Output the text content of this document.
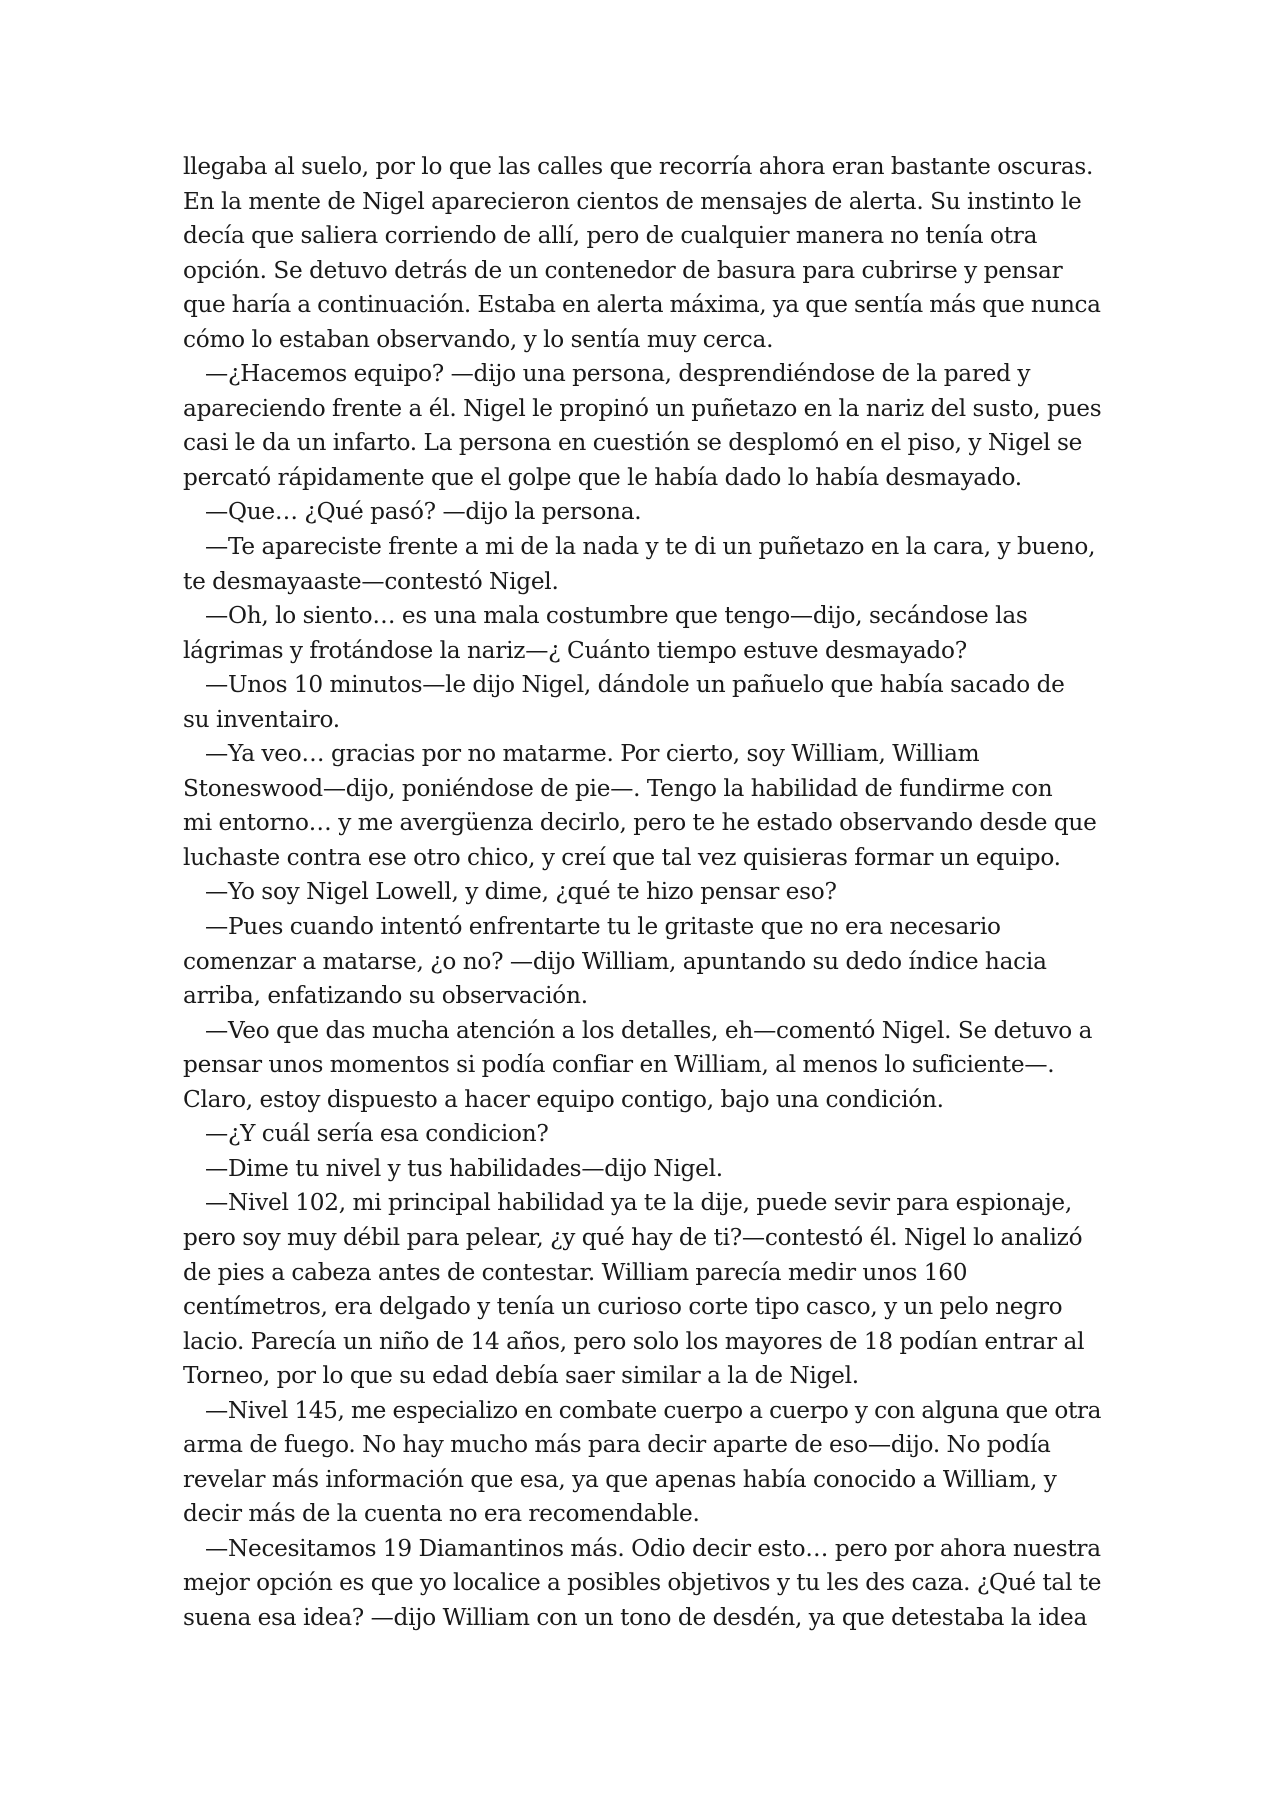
llegaba al suelo, por lo que las calles que recorría ahora eran bastante oscuras.
En la mente de Nigel aparecieron cientos de mensajes de alerta. Su instinto le
decía que saliera corriendo de allí, pero de cualquier manera no tenía otra
opción. Se detuvo detrás de un contenedor de basura para cubrirse y pensar
que haría a continuación. Estaba en alerta máxima, ya que sentía más que nunca
cómo lo estaban observando, y lo sentía muy cerca.
—¿Hacemos equipo? —dijo una persona, desprendiéndose de la pared y
apareciendo frente a él. Nigel le propinó un puñetazo en la nariz del susto, pues
casi le da un infarto. La persona en cuestión se desplomó en el piso, y Nigel se
percató rápidamente que el golpe que le había dado lo había desmayado.
—Que… ¿Qué pasó? —dijo la persona.
—Te apareciste frente a mi de la nada y te di un puñetazo en la cara, y bueno,
te desmayaaste—contestó Nigel.
—Oh, lo siento… es una mala costumbre que tengo—dijo, secándose las
lágrimas y frotándose la nariz—¿ Cuánto tiempo estuve desmayado?
—Unos 10 minutos—le dijo Nigel, dándole un pañuelo que había sacado de
su inventairo.
—Ya veo… gracias por no matarme. Por cierto, soy William, William
Stoneswood—dijo, poniéndose de pie—. Tengo la habilidad de fundirme con
mi entorno… y me avergüenza decirlo, pero te he estado observando desde que
luchaste contra ese otro chico, y creí que tal vez quisieras formar un equipo.
—Yo soy Nigel Lowell, y dime, ¿qué te hizo pensar eso?
—Pues cuando intentó enfrentarte tu le gritaste que no era necesario
comenzar a matarse, ¿o no? —dijo William, apuntando su dedo índice hacia
arriba, enfatizando su observación.
—Veo que das mucha atención a los detalles, eh—comentó Nigel. Se detuvo a
pensar unos momentos si podía confiar en William, al menos lo suficiente—.
Claro, estoy dispuesto a hacer equipo contigo, bajo una condición.
—¿Y cuál sería esa condicion?
—Dime tu nivel y tus habilidades—dijo Nigel.
—Nivel 102, mi principal habilidad ya te la dije, puede sevir para espionaje,
pero soy muy débil para pelear, ¿y qué hay de ti?—contestó él. Nigel lo analizó
de pies a cabeza antes de contestar. William parecía medir unos 160
centímetros, era delgado y tenía un curioso corte tipo casco, y un pelo negro
lacio. Parecía un niño de 14 años, pero solo los mayores de 18 podían entrar al
Torneo, por lo que su edad debía saer similar a la de Nigel.
—Nivel 145, me especializo en combate cuerpo a cuerpo y con alguna que otra
arma de fuego. No hay mucho más para decir aparte de eso—dijo. No podía
revelar más información que esa, ya que apenas había conocido a William, y
decir más de la cuenta no era recomendable.
—Necesitamos 19 Diamantinos más. Odio decir esto… pero por ahora nuestra
mejor opción es que yo localice a posibles objetivos y tu les des caza. ¿Qué tal te
suena esa idea? —dijo William con un tono de desdén, ya que detestaba la idea
